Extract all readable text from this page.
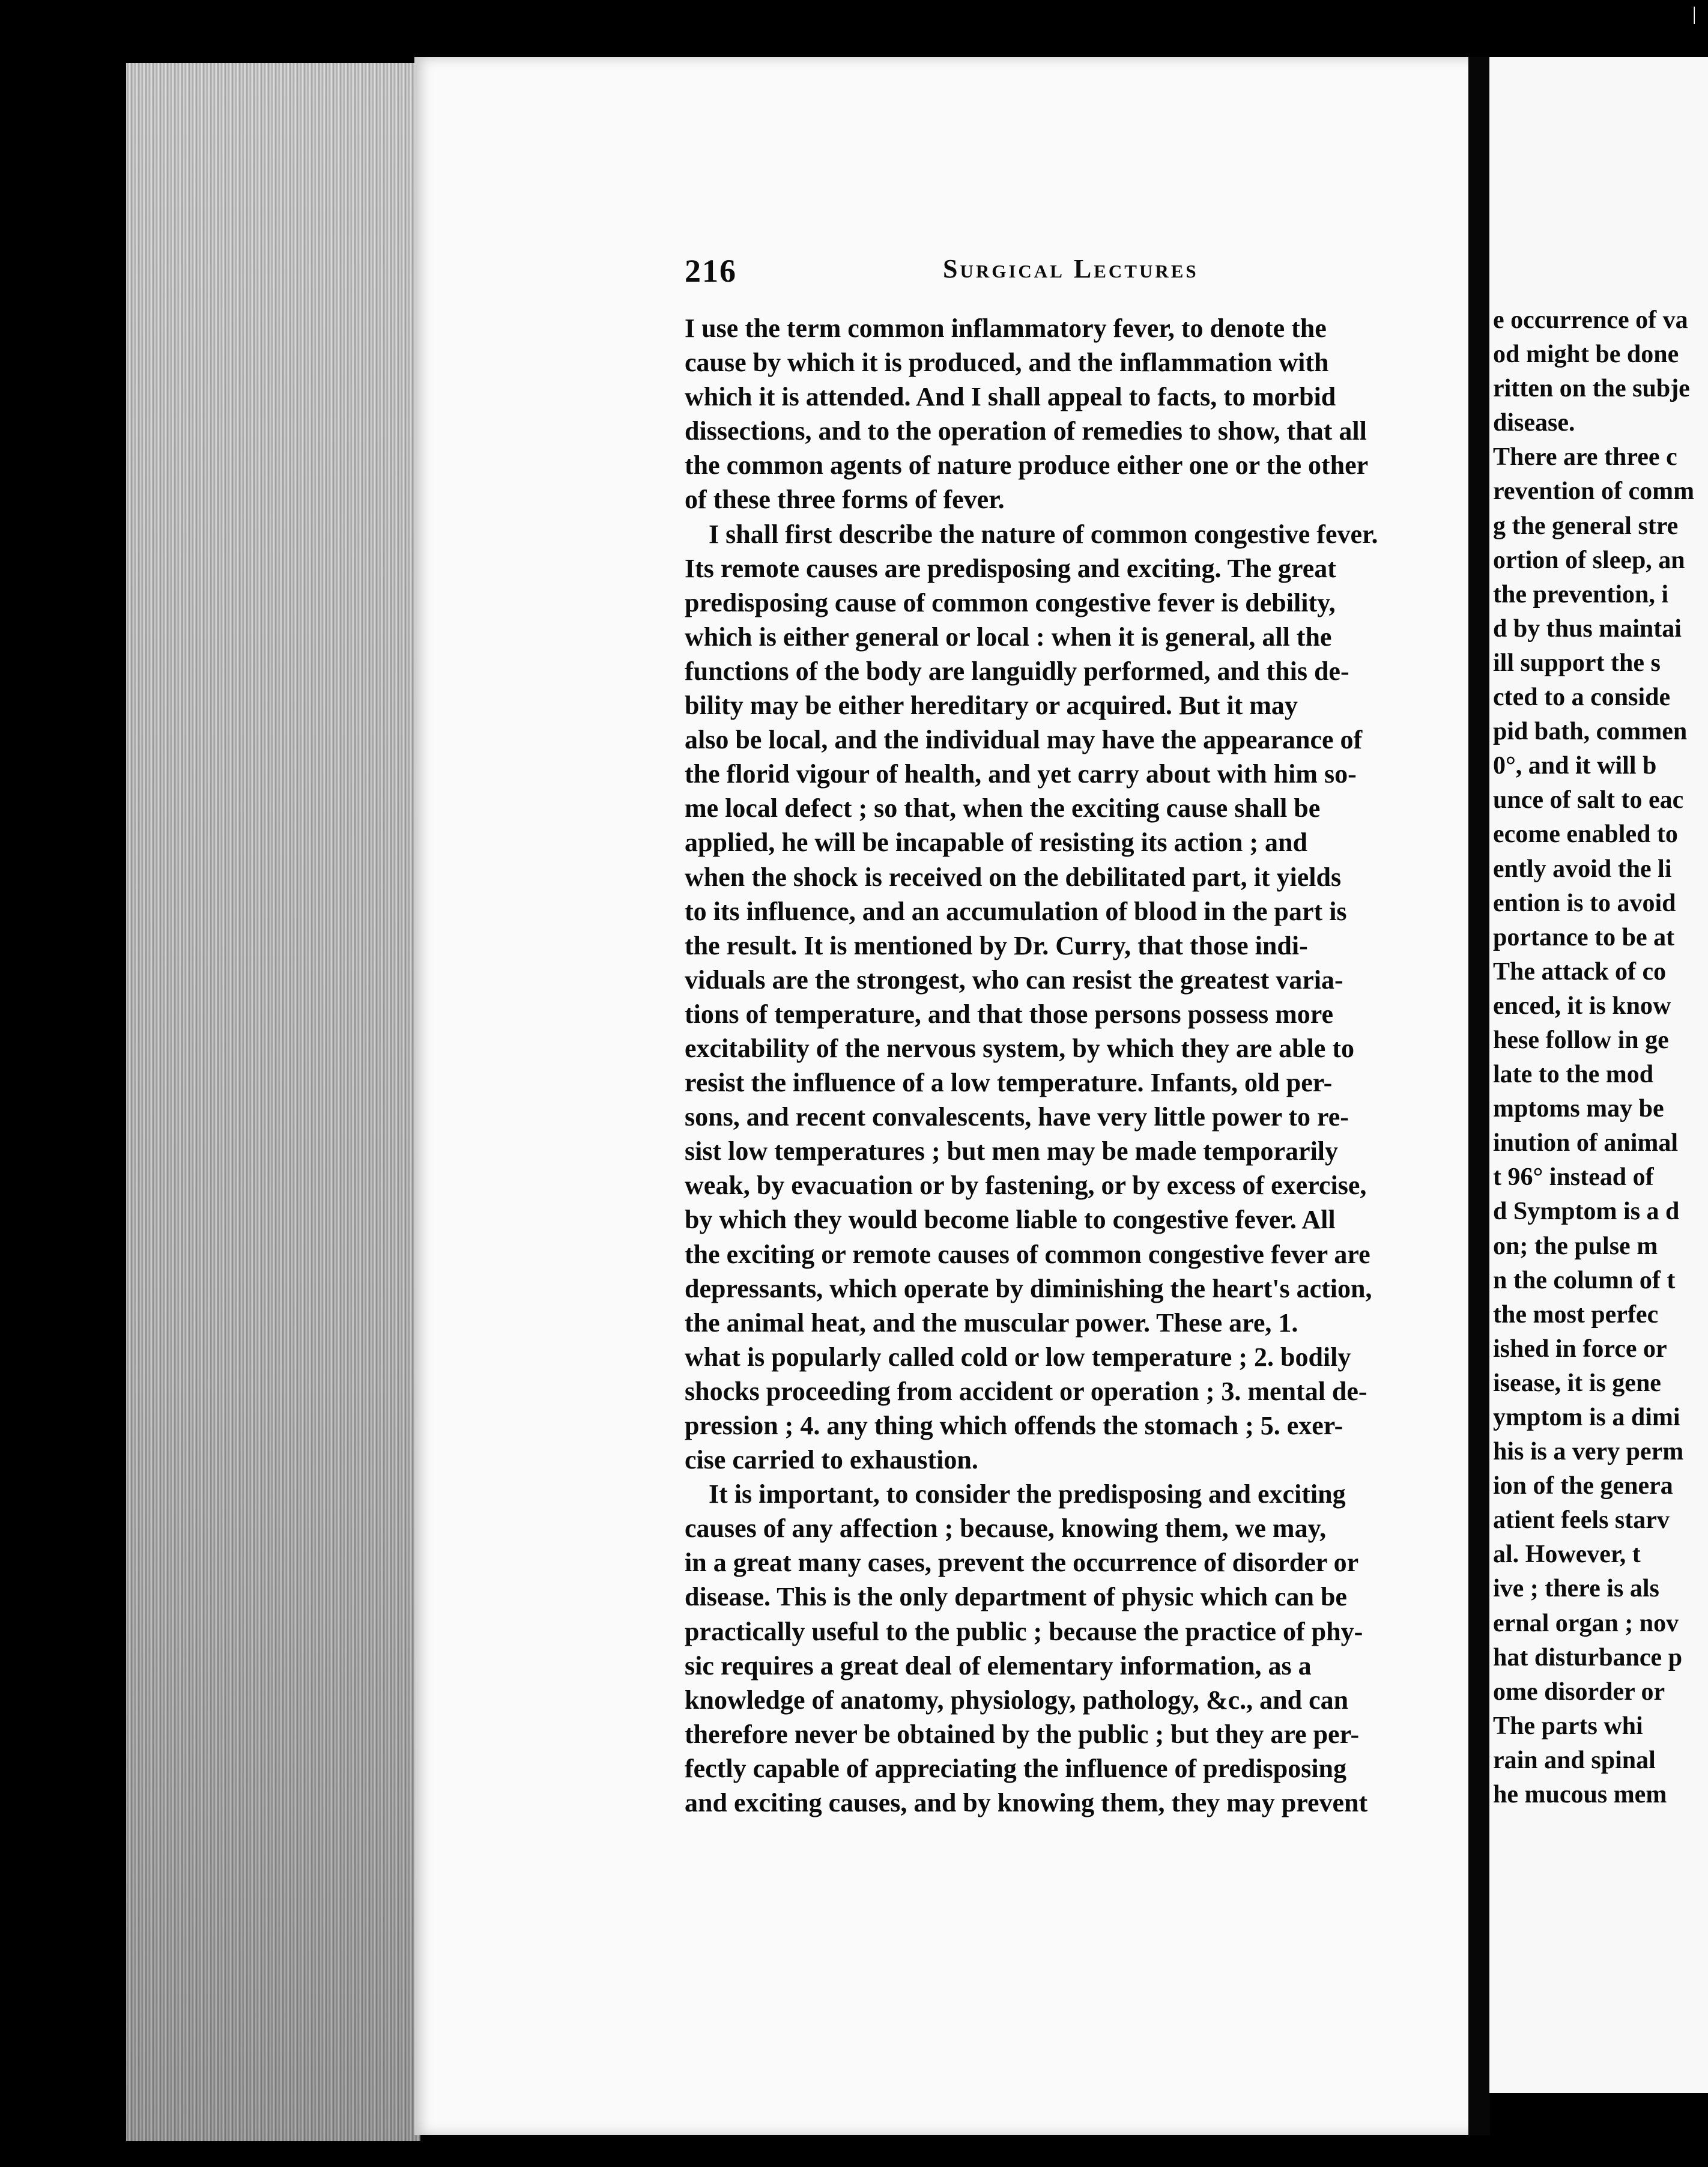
e occurrence of va
od might be done
ritten on the subje
disease.
There are three c
revention of comm
g the general stre
ortion of sleep, an
the prevention, i
d by thus maintai
ill support the s
cted to a conside
pid bath, commen
0°, and it will b
unce of salt to eac
ecome enabled to
ently avoid the li
ention is to avoid
portance to be at
The attack of co
enced, it is know
hese follow in ge
late to the mod
mptoms may be
inution of animal
t 96° instead of
d Symptom is a d
on; the pulse m
n the column of t
the most perfec
ished in force or
isease, it is gene
ymptom is a dimi
his is a very perm
ion of the genera
atient feels starv
al. However, t
ive ; there is als
ernal organ ; nov
hat disturbance p
ome disorder or
The parts whi
rain and spinal
he mucous mem
|
216	Surgical Lectures
I use the term common inflammatory fever, to denote the
cause by which it is produced, and the inflammation with
which it is attended. And I shall appeal to facts, to morbid
dissections, and to the operation of remedies to show, that all
the common agents of nature produce either one or the other
of these three forms of fever.
I shall first describe the nature of common congestive fever.
Its remote causes are predisposing and exciting. The great
predisposing cause of common congestive fever is debility,
which is either general or local : when it is general, all the
functions of the body are languidly performed, and this de-
bility may be either hereditary or acquired. But it may
also be local, and the individual may have the appearance of
the florid vigour of health, and yet carry about with him so-
me local defect ; so that, when the exciting cause shall be
applied, he will be incapable of resisting its action ; and
when the shock is received on the debilitated part, it yields
to its influence, and an accumulation of blood in the part is
the result. It is mentioned by Dr. Curry, that those indi-
viduals are the strongest, who can resist the greatest varia-
tions of temperature, and that those persons possess more
excitability of the nervous system, by which they are able to
resist the influence of a low temperature. Infants, old per-
sons, and recent convalescents, have very little power to re-
sist low temperatures ; but men may be made temporarily
weak, by evacuation or by fastening, or by excess of exercise,
by which they would become liable to congestive fever. All
the exciting or remote causes of common congestive fever are
depressants, which operate by diminishing the heart's action,
the animal heat, and the muscular power. These are, 1.
what is popularly called cold or low temperature ; 2. bodily
shocks proceeding from accident or operation ; 3. mental de-
pression ; 4. any thing which offends the stomach ; 5. exer-
cise carried to exhaustion.
It is important, to consider the predisposing and exciting
causes of any affection ; because, knowing them, we may,
in a great many cases, prevent the occurrence of disorder or
disease. This is the only department of physic which can be
practically useful to the public ; because the practice of phy-
sic requires a great deal of elementary information, as a
knowledge of anatomy, physiology, pathology, &c., and can
therefore never be obtained by the public ; but they are per-
fectly capable of appreciating the influence of predisposing
and exciting causes, and by knowing them, they may prevent
